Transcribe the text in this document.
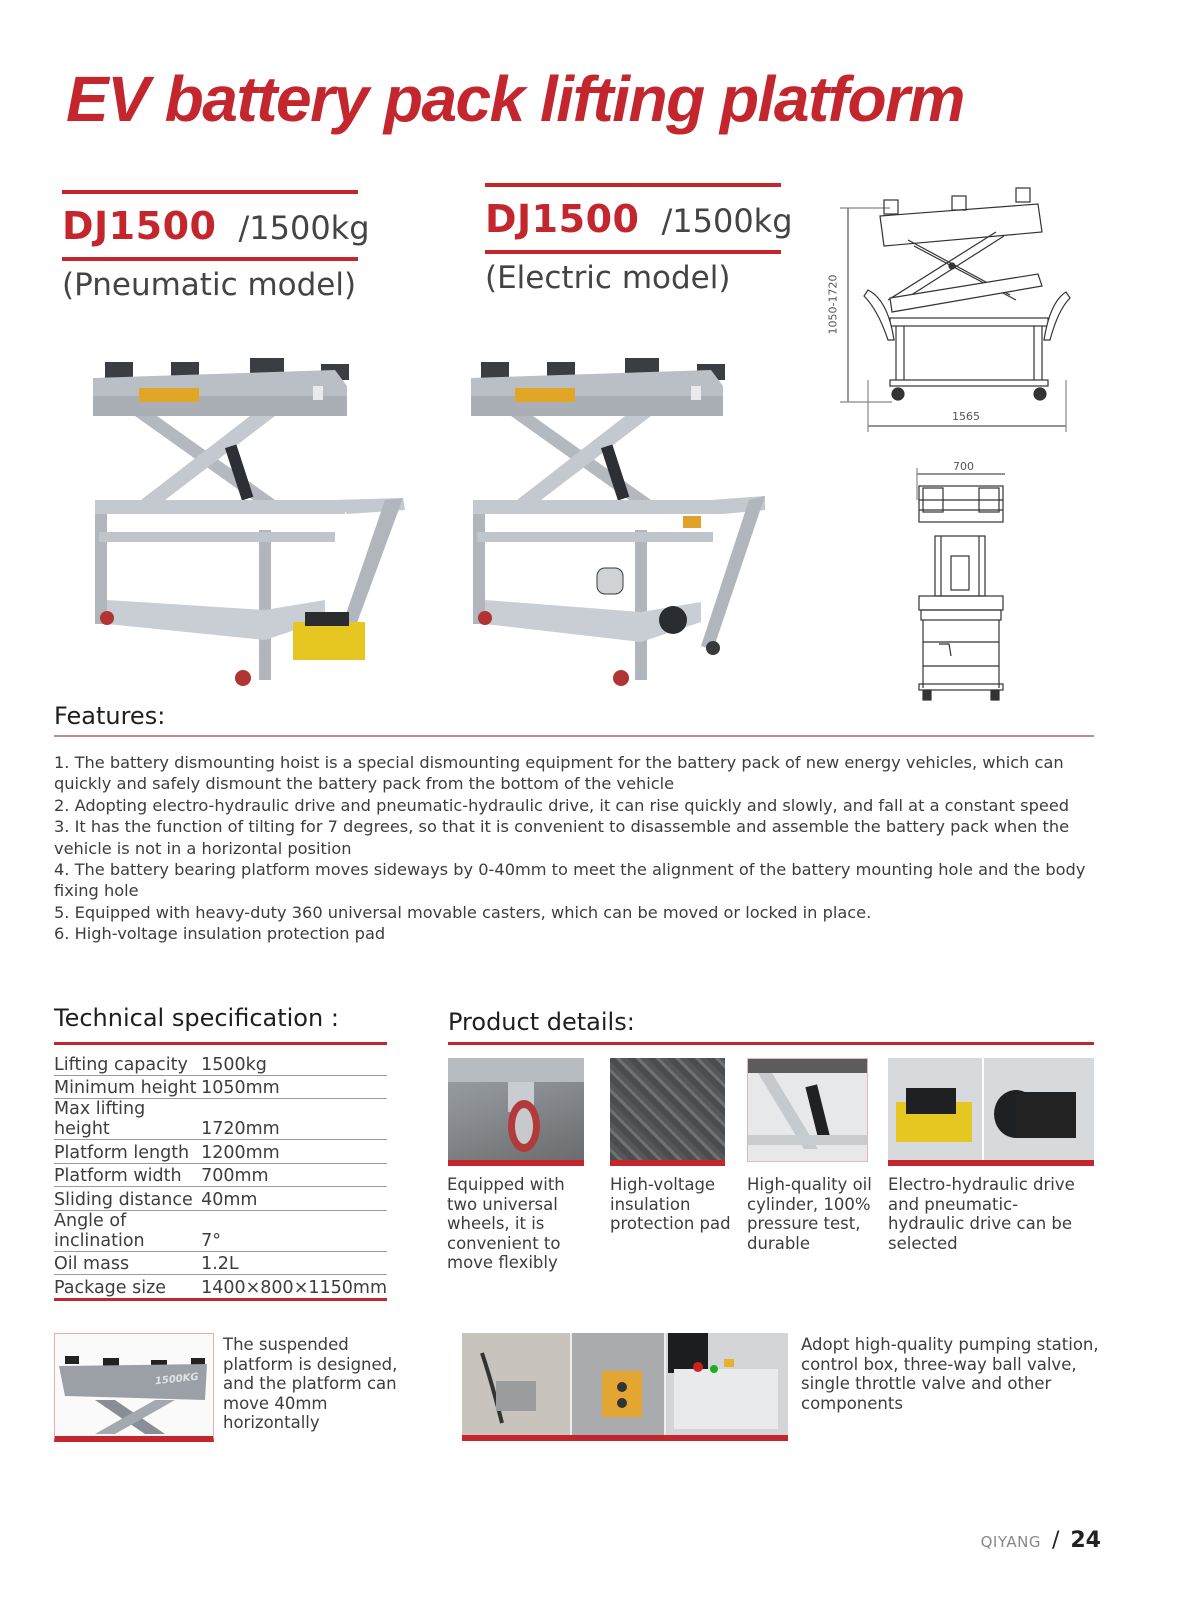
EV battery pack lifting platform
DJ1500 /1500kg
(Pneumatic model)
DJ1500 /1500kg
(Electric model)	1050-1720
1565
700
Features:

1. The battery dismounting hoist is a special dismounting equipment for the battery pack of new energy vehicles, which can quickly and safely dismount the battery pack from the bottom of the vehicle

2. Adopting electro-hydraulic drive and pneumatic-hydraulic drive, it can rise quickly and slowly, and fall at a constant speed

3. It has the function of tilting for 7 degrees, so that it is convenient to disassemble and assemble the battery pack when the vehicle is not in a horizontal position

4. The battery bearing platform moves sideways by 0-40mm to meet the alignment of the battery mounting hole and the body fixing hole

5. Equipped with heavy-duty 360 universal movable casters, which can be moved or locked in place.

6. High-voltage insulation protection pad

Technical specification :
Lifting capacity	1500kg
Minimum height	1050mm
Max lifting height	1720mm
Platform length	1200mm
Platform width	700mm
Sliding distance	40mm
Angle of inclination	7°
Oil mass	1.2L
Package size	1400×800×1150mm
Product details:
Equipped with two universal wheels, it is convenient to move flexibly
High-voltage insulation protection pad
High-quality oil cylinder, 100% pressure test, durable
Electro-hydraulic drive and pneumatic-hydraulic drive can be selected
1500KG
The suspended platform is designed, and the platform can move 40mm horizontally
Adopt high-quality pumping station, control box, three-way ball valve, single throttle valve and other components
QIYANG / 24
